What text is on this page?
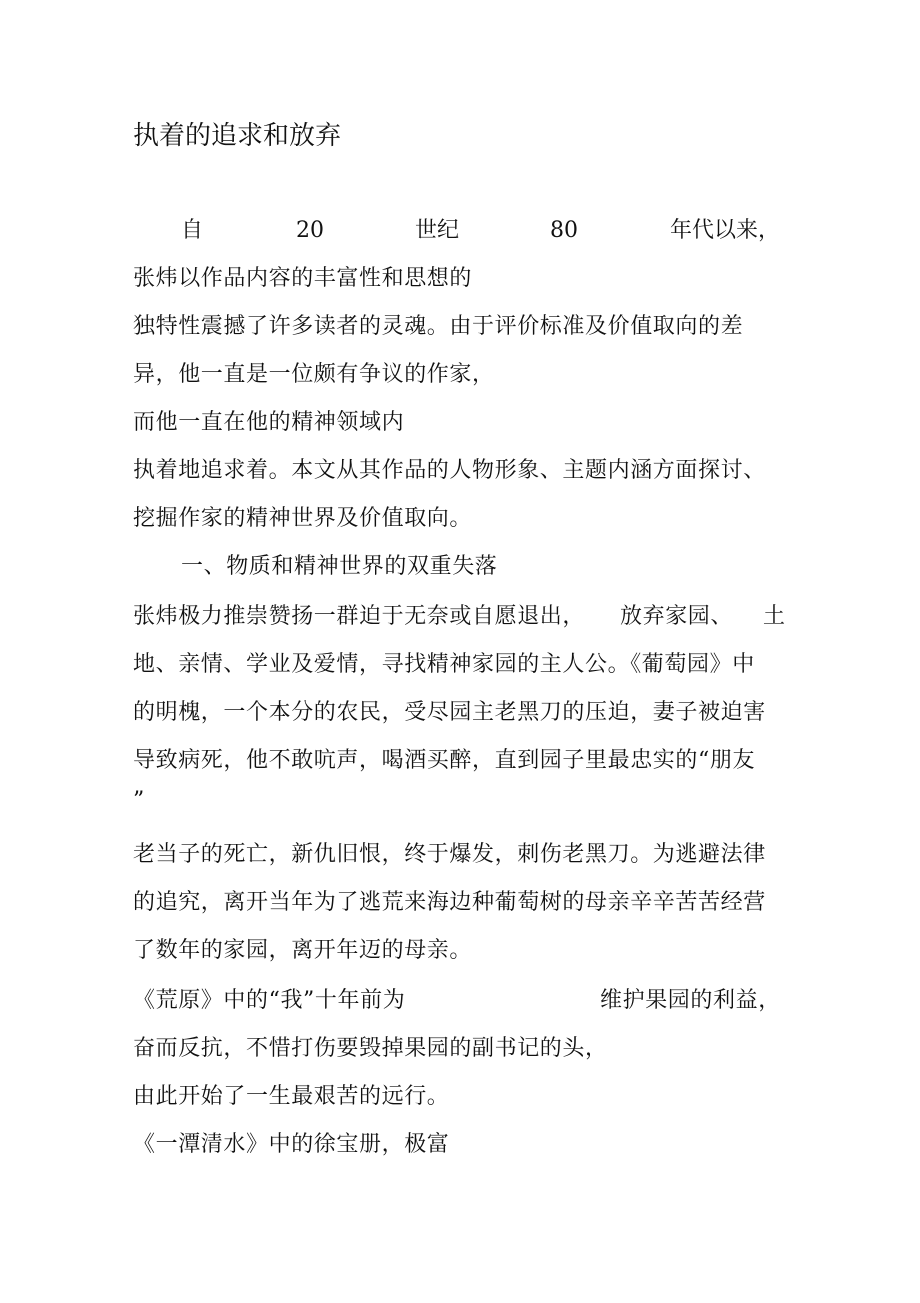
执着的追求和放弃
自	20	世纪	80	年代以来，
张炜以作品内容的丰富性和思想的
独特性震撼了许多读者的灵魂。由于评价标准及价值取向的差
异，他一直是一位颇有争议的作家，
而他一直在他的精神领域内
执着地追求着。本文从其作品的人物形象、主题内涵方面探讨、
挖掘作家的精神世界及价值取向。
一、物质和精神世界的双重失落
张炜极力推崇赞扬一群迫于无奈或自愿退出， 放弃家园、 土
地、亲情、学业及爱情，寻找精神家园的主人公。《葡萄园》中
的明槐，一个本分的农民，受尽园主老黑刀的压迫，妻子被迫害
导致病死，他不敢吭声，喝酒买醉，直到园子里最忠实的“朋友
”
老当子的死亡，新仇旧恨，终于爆发，刺伤老黑刀。为逃避法律
的追究，离开当年为了逃荒来海边种葡萄树的母亲辛辛苦苦经营
了数年的家园，离开年迈的母亲。
《荒原》中的“我”十年前为	维护果园的利益，
奋而反抗，不惜打伤要毁掉果园的副书记的头，
由此开始了一生最艰苦的远行。
《一潭清水》中的徐宝册，极富
